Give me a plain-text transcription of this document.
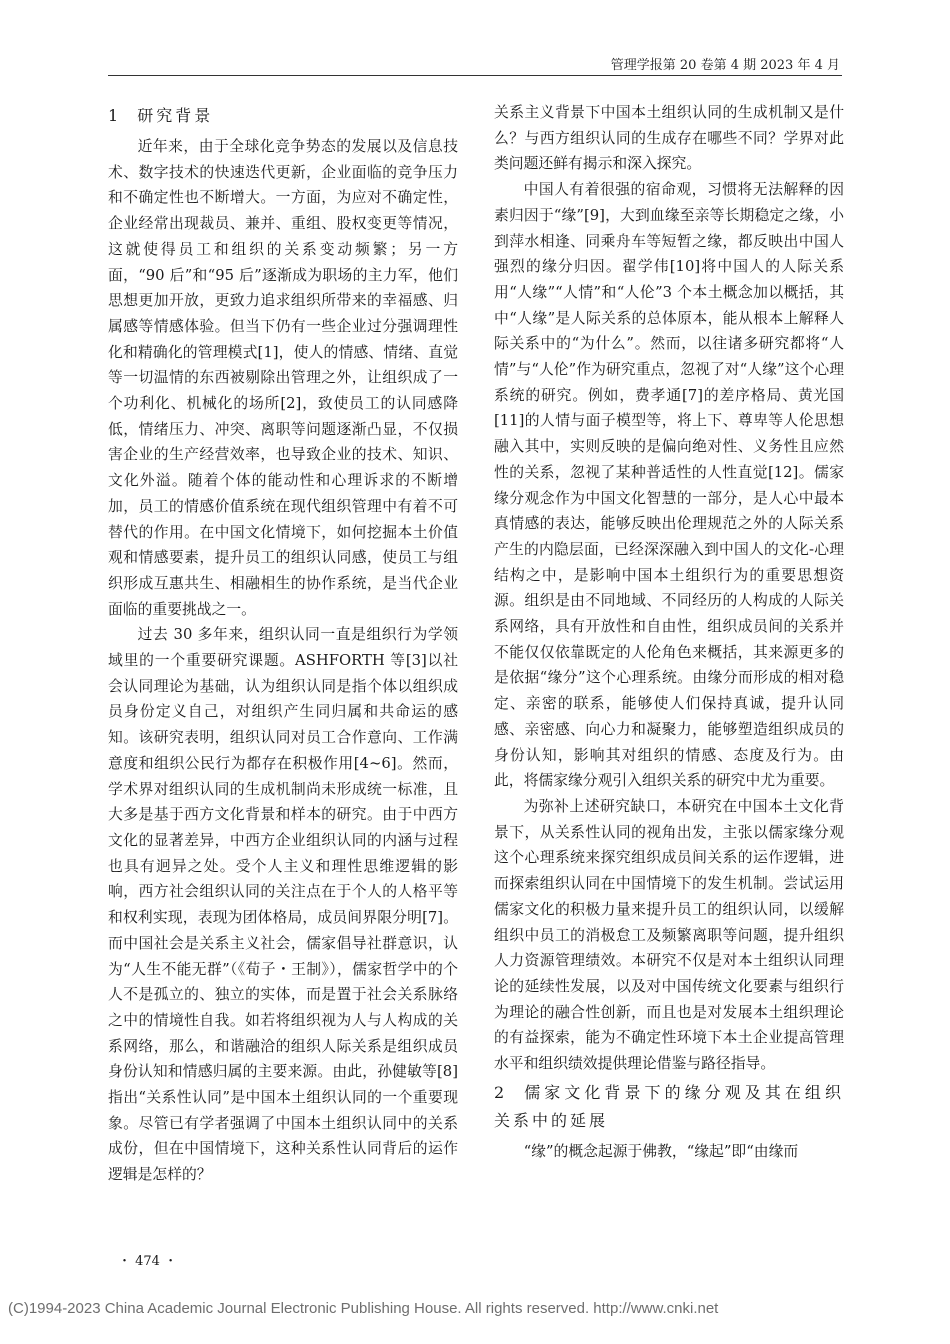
管理学报第 20 卷第 4 期 2023 年 4 月
1 研究背景

近年来，由于全球化竞争势态的发展以及信息技术、数字技术的快速迭代更新，企业面临的竞争压力和不确定性也不断增大。一方面，为应对不确定性，企业经常出现裁员、兼并、重组、股权变更等情况，这就使得员工和组织的关系变动频繁；另一方面，“90 后”和“95 后”逐渐成为职场的主力军，他们思想更加开放，更致力追求组织所带来的幸福感、归属感等情感体验。但当下仍有一些企业过分强调理性化和精确化的管理模式[1]，使人的情感、情绪、直觉等一切温情的东西被剔除出管理之外，让组织成了一个功利化、机械化的场所[2]，致使员工的认同感降低，情绪压力、冲突、离职等问题逐渐凸显，不仅损害企业的生产经营效率，也导致企业的技术、知识、文化外溢。随着个体的能动性和心理诉求的不断增加，员工的情感价值系统在现代组织管理中有着不可替代的作用。在中国文化情境下，如何挖掘本土价值观和情感要素，提升员工的组织认同感，使员工与组织形成互惠共生、相融相生的协作系统，是当代企业面临的重要挑战之一。

过去 30 多年来，组织认同一直是组织行为学领域里的一个重要研究课题。ASHFORTH 等[3]以社会认同理论为基础，认为组织认同是指个体以组织成员身份定义自己，对组织产生同归属和共命运的感知。该研究表明，组织认同对员工合作意向、工作满意度和组织公民行为都存在积极作用[4~6]。然而，学术界对组织认同的生成机制尚未形成统一标准，且大多是基于西方文化背景和样本的研究。由于中西方文化的显著差异，中西方企业组织认同的内涵与过程也具有迥异之处。受个人主义和理性思维逻辑的影响，西方社会组织认同的关注点在于个人的人格平等和权利实现，表现为团体格局，成员间界限分明[7]。而中国社会是关系主义社会，儒家倡导社群意识，认为“人生不能无群”（《荀子・王制》），儒家哲学中的个人不是孤立的、独立的实体，而是置于社会关系脉络之中的情境性自我。如若将组织视为人与人构成的关系网络，那么，和谐融洽的组织人际关系是组织成员身份认知和情感归属的主要来源。由此，孙健敏等[8]指出“关系性认同”是中国本土组织认同的一个重要现象。尽管已有学者强调了中国本土组织认同中的关系成份，但在中国情境下，这种关系性认同背后的运作逻辑是怎样的？

关系主义背景下中国本土组织认同的生成机制又是什么？与西方组织认同的生成存在哪些不同？学界对此类问题还鲜有揭示和深入探究。

中国人有着很强的宿命观，习惯将无法解释的因素归因于“缘”[9]，大到血缘至亲等长期稳定之缘，小到萍水相逢、同乘舟车等短暂之缘，都反映出中国人强烈的缘分归因。翟学伟[10]将中国人的人际关系用“人缘”“人情”和“人伦”3 个本土概念加以概括，其中“人缘”是人际关系的总体原本，能从根本上解释人际关系中的“为什么”。然而，以往诸多研究都将“人情”与“人伦”作为研究重点，忽视了对“人缘”这个心理系统的研究。例如，费孝通[7]的差序格局、黄光国[11]的人情与面子模型等，将上下、尊卑等人伦思想融入其中，实则反映的是偏向绝对性、义务性且应然性的关系，忽视了某种普适性的人性直觉[12]。儒家缘分观念作为中国文化智慧的一部分，是人心中最本真情感的表达，能够反映出伦理规范之外的人际关系产生的内隐层面，已经深深融入到中国人的文化-心理结构之中，是影响中国本土组织行为的重要思想资源。组织是由不同地域、不同经历的人构成的人际关系网络，具有开放性和自由性，组织成员间的关系并不能仅仅依靠既定的人伦角色来概括，其来源更多的是依据“缘分”这个心理系统。由缘分而形成的相对稳定、亲密的联系，能够使人们保持真诚，提升认同感、亲密感、向心力和凝聚力，能够塑造组织成员的身份认知，影响其对组织的情感、态度及行为。由此，将儒家缘分观引入组织关系的研究中尤为重要。

为弥补上述研究缺口，本研究在中国本土文化背景下，从关系性认同的视角出发，主张以儒家缘分观这个心理系统来探究组织成员间关系的运作逻辑，进而探索组织认同在中国情境下的发生机制。尝试运用儒家文化的积极力量来提升员工的组织认同，以缓解组织中员工的消极怠工及频繁离职等问题，提升组织人力资源管理绩效。本研究不仅是对本土组织认同理论的延续性发展，以及对中国传统文化要素与组织行为理论的融合性创新，而且也是对发展本土组织理论的有益探索，能为不确定性环境下本土企业提高管理水平和组织绩效提供理论借鉴与路径指导。

2 儒家文化背景下的缘分观及其在组织关系中的延展

“缘”的概念起源于佛教，“缘起”即“由缘而

・ 474 ・
(C)1994-2023 China Academic Journal Electronic Publishing House. All rights reserved. http://www.cnki.net
